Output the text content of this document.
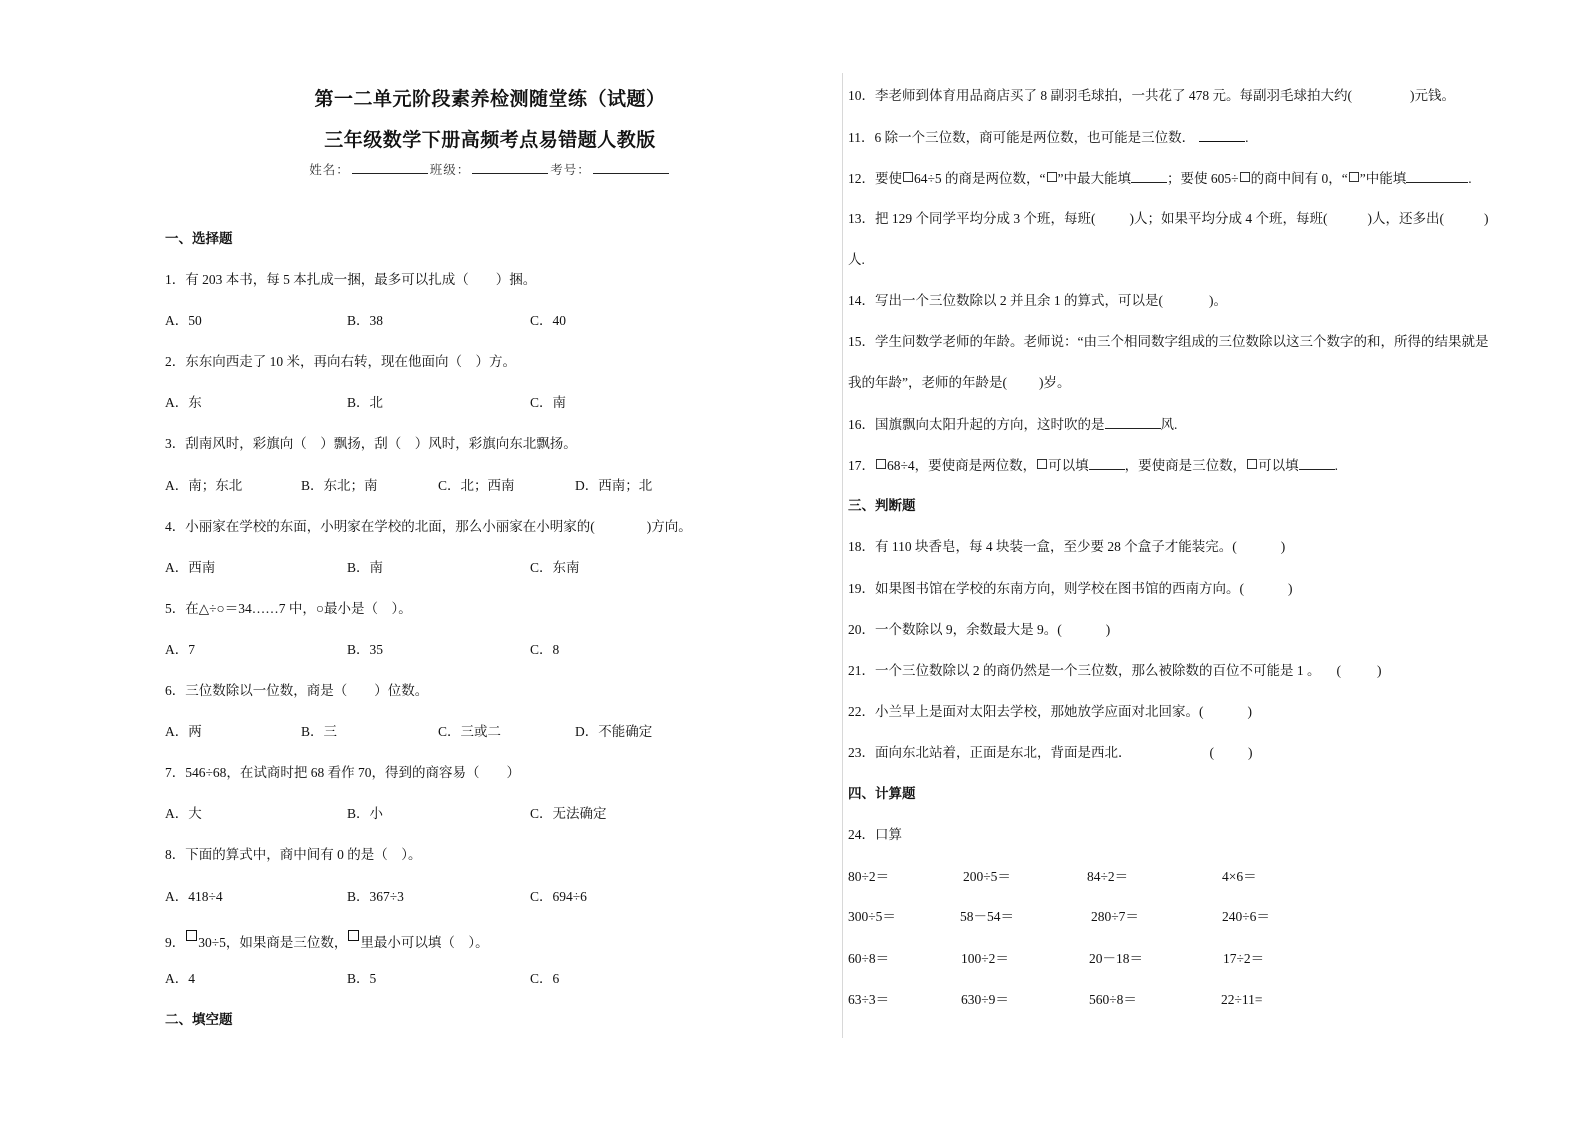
第一二单元阶段素养检测随堂练（试题）
三年级数学下册高频考点易错题人教版
姓名：	班级：	考号：
一、选择题
1．有 203 本书，每 5 本扎成一捆，最多可以扎成（　　）捆。
A．50	B．38	C．40
2．东东向西走了 10 米，再向右转，现在他面向（　）方。
A．东	B．北	C．南
3．刮南风时，彩旗向（　）飘扬，刮（　）风时，彩旗向东北飘扬。
A．南；东北	B．东北；南	C．北；西南	D．西南；北
4．小丽家在学校的东面，小明家在学校的北面，那么小丽家在小明家的(	)方向。
A．西南	B．南	C．东南
5．在△÷○＝34……7 中，○最小是（　）。
A．7	B．35	C．8
6．三位数除以一位数，商是（　　）位数。
A．两	B．三	C．三或二	D．不能确定
7．546÷68，在试商时把 68 看作 70，得到的商容易（　　）
A．大	B．小	C．无法确定
8．下面的算式中，商中间有 0 的是（　）。
A．418÷4	B．367÷3	C．694÷6
9． 30÷5，如果商是三位数， 里最小可以填（　）。
A．4	B．5	C．6
二、填空题
10．李老师到体育用品商店买了 8 副羽毛球拍，一共花了 478 元。每副羽毛球拍大约(	)元钱。
11．6 除一个三位数，商可能是两位数，也可能是三位数．	.
12．要使 64÷5 的商是两位数，“ ”中最大能填	；要使 605÷ 的商中间有 0，“ ”中能填	.
13．把 129 个同学平均分成 3 个班，每班(	)人；如果平均分成 4 个班，每班(	)人，还多出(	)
人.
14．写出一个三位数除以 2 并且余 1 的算式，可以是(	)。
15．学生问数学老师的年龄。老师说：“由三个相同数字组成的三位数除以这三个数字的和，所得的结果就是
我的年龄”，老师的年龄是( )岁。
16．国旗飘向太阳升起的方向，这时吹的是	风.
17． 68÷4，要使商是两位数， 可以填	，要使商是三位数， 可以填	.
三、判断题
18．有 110 块香皂，每 4 块装一盒，至少要 28 个盒子才能装完。(	)
19．如果图书馆在学校的东南方向，则学校在图书馆的西南方向。(	)
20．一个数除以 9，余数最大是 9。(	)
21．一个三位数除以 2 的商仍然是一个三位数，那么被除数的百位不可能是 1 。 (	)
22．小兰早上是面对太阳去学校，那她放学应面对北回家。(	)
23．面向东北站着，正面是东北，背面是西北．	(	)
四、计算题
24．口算
80÷2＝	200÷5＝	84÷2＝	4×6＝
300÷5＝	58－54＝	280÷7＝	240÷6＝
60÷8＝	100÷2＝	20－18＝	17÷2＝
63÷3＝	630÷9＝	560÷8＝	22÷11=
